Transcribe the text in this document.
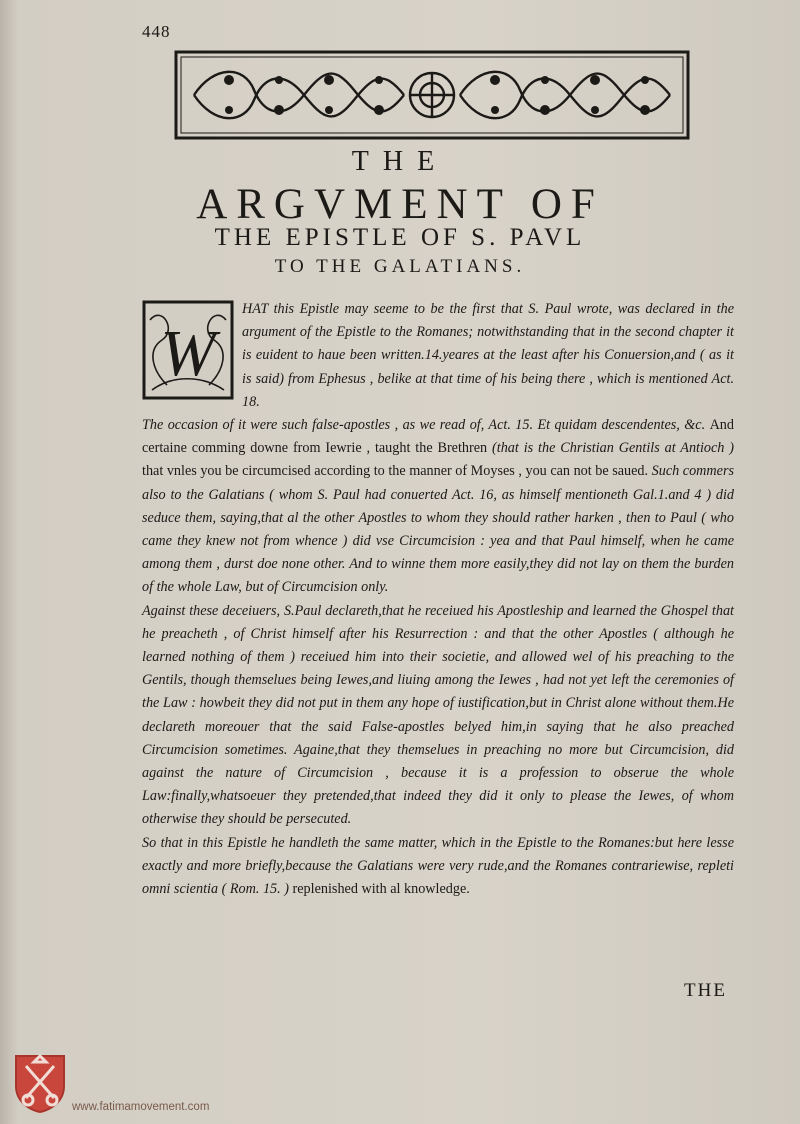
448
THE
ARGVMENT OF
THE EPISTLE OF S. PAVL
TO THE GALATIANS.

W
HAT this Epistle may seeme to be the first that S. Paul wrote, was declared in the argument of the Epistle to the Romanes; notwithstanding that in the second chapter it is euident to haue been written.14.yeares at the least after his Conuersion,and ( as it is said) from Ephesus , belike at that time of his being there , which is mentioned Act. 18.

The occasion of it were such false-apostles , as we read of, Act. 15. Et quidam descendentes, &c. And certaine comming downe from Iewrie , taught the Brethren (that is the Christian Gentils at Antioch ) that vnles you be circumcised according to the manner of Moyses , you can not be saued. Such commers also to the Galatians ( whom S. Paul had conuerted Act. 16, as himself mentioneth Gal.1.and 4 ) did seduce them, saying,that al the other Apostles to whom they should rather harken , then to Paul ( who came they knew not from whence ) did vse Circumcision : yea and that Paul himself, when he came among them , durst doe none other. And to winne them more easily,they did not lay on them the burden of the whole Law, but of Circumcision only.

Against these deceiuers, S.Paul declareth,that he receiued his Apostleship and learned the Ghospel that he preacheth , of Christ himself after his Resurrection : and that the other Apostles ( although he learned nothing of them ) receiued him into their societie, and allowed wel of his preaching to the Gentils, though themselues being Iewes,and liuing among the Iewes , had not yet left the ceremonies of the Law : howbeit they did not put in them any hope of iustification,but in Christ alone without them.He declareth moreouer that the said False-apostles belyed him,in saying that he also preached Circumcision sometimes. Againe,that they themselues in preaching no more but Circumcision, did against the nature of Circumcision , because it is a profession to obserue the whole Law:finally,whatsoeuer they pretended,that indeed they did it only to please the Iewes, of whom otherwise they should be persecuted.

So that in this Epistle he handleth the same matter, which in the Epistle to the Romanes:but here lesse exactly and more briefly,because the Galatians were very rude,and the Romanes contrariewise, repleti omni scientia ( Rom. 15. ) replenished with al knowledge.

THE
www.fatimamovement.com
